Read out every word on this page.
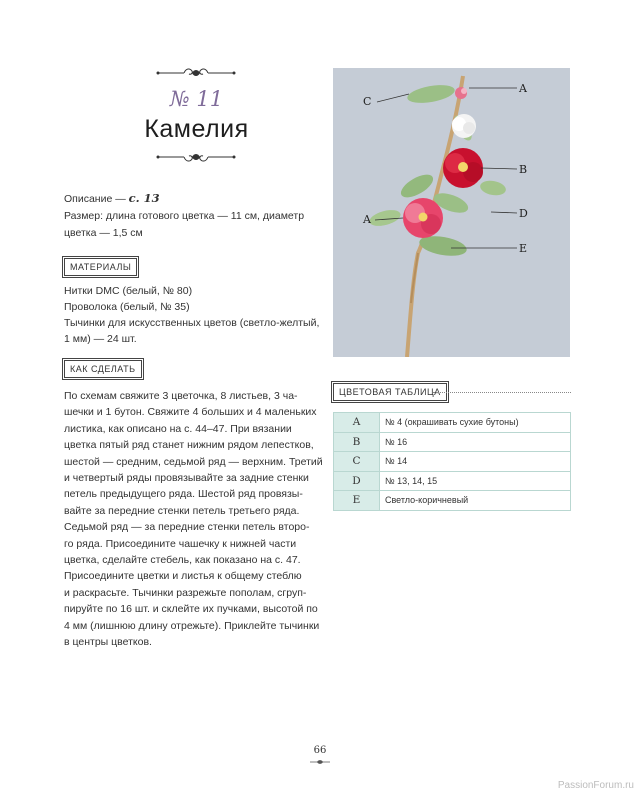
№ 11
Камелия
Описание — с. 13
Размер: длина готового цветка — 11 см, диаметр цветка — 1,5 см
МАТЕРИАЛЫ
Нитки DMC (белый, № 80)
Проволока (белый, № 35)
Тычинки для искусственных цветов (светло-желтый, 1 мм) — 24 шт.
КАК СДЕЛАТЬ
По схемам свяжите 3 цветочка, 8 листьев, 3 ча-
шечки и 1 бутон. Свяжите 4 больших и 4 маленьких
листика, как описано на с. 44–47. При вязании
цветка пятый ряд станет нижним рядом лепестков,
шестой — средним, седьмой ряд — верхним. Третий
и четвертый ряды провязывайте за задние стенки
петель предыдущего ряда. Шестой ряд провязы-
вайте за передние стенки петель третьего ряда.
Седьмой ряд — за передние стенки петель второ-
го ряда. Присоедините чашечку к нижней части
цветка, сделайте стебель, как показано на с. 47.
Присоедините цветки и листья к общему стеблю
и раскрасьте. Тычинки разрежьте пополам, сгруп-
пируйте по 16 шт. и склейте их пучками, высотой по
4 мм (лишнюю длину отрежьте). Приклейте тычинки
в центры цветков.
A
B
C
D
E
A
ЦВЕТОВАЯ ТАБЛИЦА
A	№ 4 (окрашивать сухие бутоны)
B	№ 16
C	№ 14
D	№ 13, 14, 15
E	Светло-коричневый
66
PassionForum.ru
